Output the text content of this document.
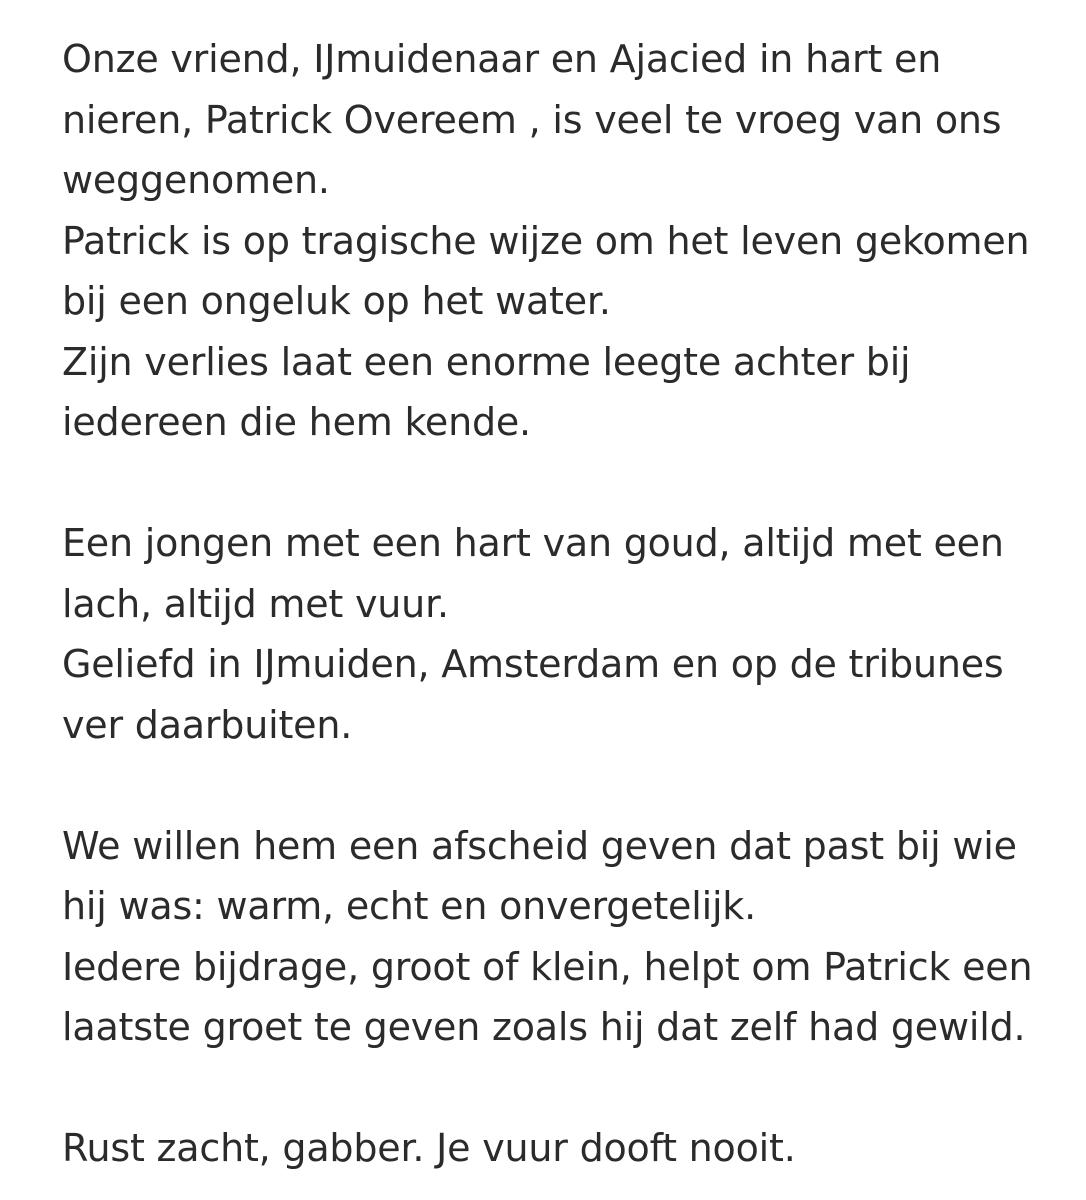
Onze vriend, IJmuidenaar en Ajacied in hart en
nieren, Patrick Overeem , is veel te vroeg van ons
weggenomen.
Patrick is op tragische wijze om het leven gekomen
bij een ongeluk op het water.
Zijn verlies laat een enorme leegte achter bij
iedereen die hem kende.

Een jongen met een hart van goud, altijd met een
lach, altijd met vuur.
Geliefd in IJmuiden, Amsterdam en op de tribunes
ver daarbuiten.

We willen hem een afscheid geven dat past bij wie
hij was: warm, echt en onvergetelijk.
Iedere bijdrage, groot of klein, helpt om Patrick een
laatste groet te geven zoals hij dat zelf had gewild.

Rust zacht, gabber. Je vuur dooft nooit.
